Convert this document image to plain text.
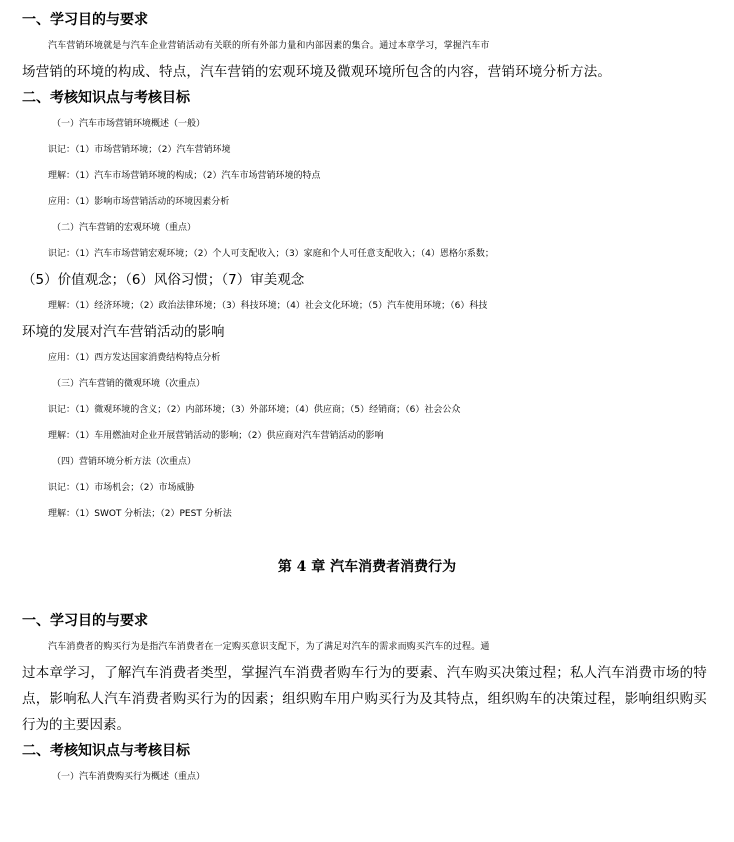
一、学习目的与要求
汽车营销环境就是与汽车企业营销活动有关联的所有外部力量和内部因素的集合。通过本章学习，掌握汽车市
场营销的环境的构成、特点，汽车营销的宏观环境及微观环境所包含的内容，营销环境分析方法。
二、考核知识点与考核目标
（一）汽车市场营销环境概述（一般）
识记：（1）市场营销环境；（2）汽车营销环境
理解：（1）汽车市场营销环境的构成；（2）汽车市场营销环境的特点
应用：（1）影响市场营销活动的环境因素分析
（二）汽车营销的宏观环境（重点）
识记：（1）汽车市场营销宏观环境；（2）个人可支配收入；（3）家庭和个人可任意支配收入；（4）恩格尔系数；
（5）价值观念；（6）风俗习惯；（7）审美观念
理解：（1）经济环境；（2）政治法律环境；（3）科技环境；（4）社会文化环境；（5）汽车使用环境；（6）科技
环境的发展对汽车营销活动的影响
应用：（1）西方发达国家消费结构特点分析
（三）汽车营销的微观环境（次重点）
识记：（1）微观环境的含义；（2）内部环境；（3）外部环境；（4）供应商；（5）经销商；（6）社会公众
理解：（1）车用燃油对企业开展营销活动的影响；（2）供应商对汽车营销活动的影响
（四）营销环境分析方法（次重点）
识记：（1）市场机会；（2）市场威胁
理解：（1）SWOT 分析法；（2）PEST 分析法
第 4 章 汽车消费者消费行为
一、学习目的与要求
汽车消费者的购买行为是指汽车消费者在一定购买意识支配下，为了满足对汽车的需求而购买汽车的过程。通
过本章学习，了解汽车消费者类型，掌握汽车消费者购车行为的要素、汽车购买决策过程；私人汽车消费市场的特
点，影响私人汽车消费者购买行为的因素；组织购车用户购买行为及其特点，组织购车的决策过程，影响组织购买
行为的主要因素。
二、考核知识点与考核目标
（一）汽车消费购买行为概述（重点）
